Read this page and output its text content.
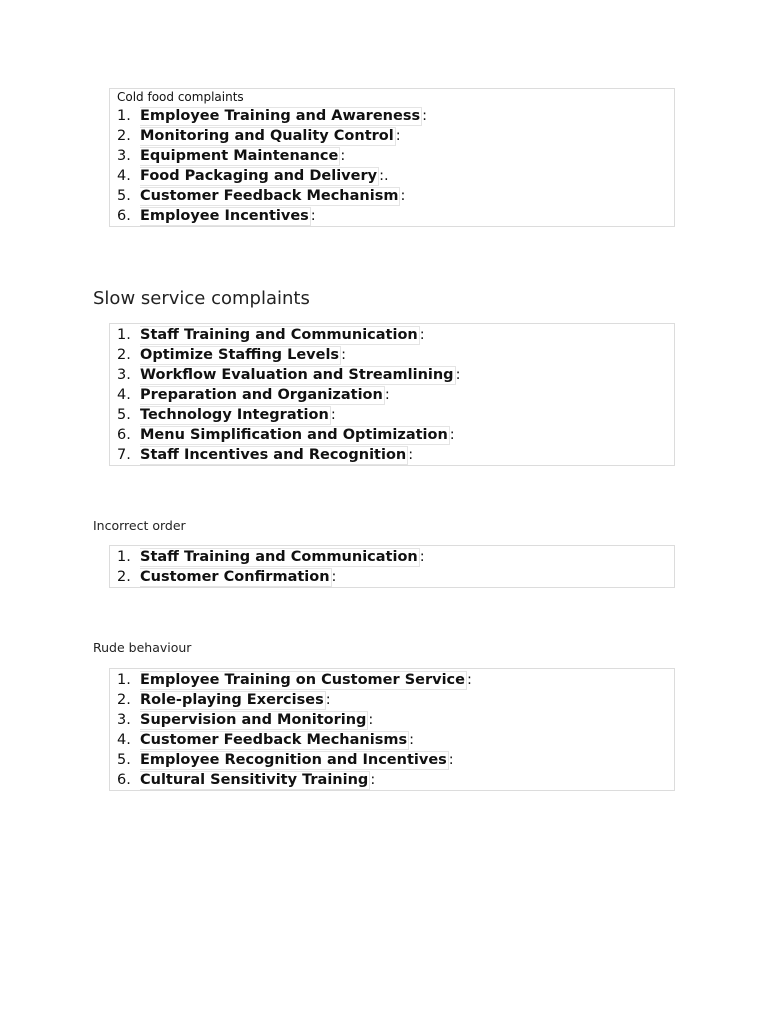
Cold food complaints
1. Employee Training and Awareness :
2. Monitoring and Quality Control :
3. Equipment Maintenance :
4. Food Packaging and Delivery :.
5. Customer Feedback Mechanism :
6. Employee Incentives :
Slow service complaints
1. Staff Training and Communication :
2. Optimize Staffing Levels :
3. Workflow Evaluation and Streamlining :
4. Preparation and Organization :
5. Technology Integration :
6. Menu Simplification and Optimization :
7. Staff Incentives and Recognition :
Incorrect order
1. Staff Training and Communication :
2. Customer Confirmation :
Rude behaviour
1. Employee Training on Customer Service :
2. Role-playing Exercises :
3. Supervision and Monitoring :
4. Customer Feedback Mechanisms :
5. Employee Recognition and Incentives :
6. Cultural Sensitivity Training :
